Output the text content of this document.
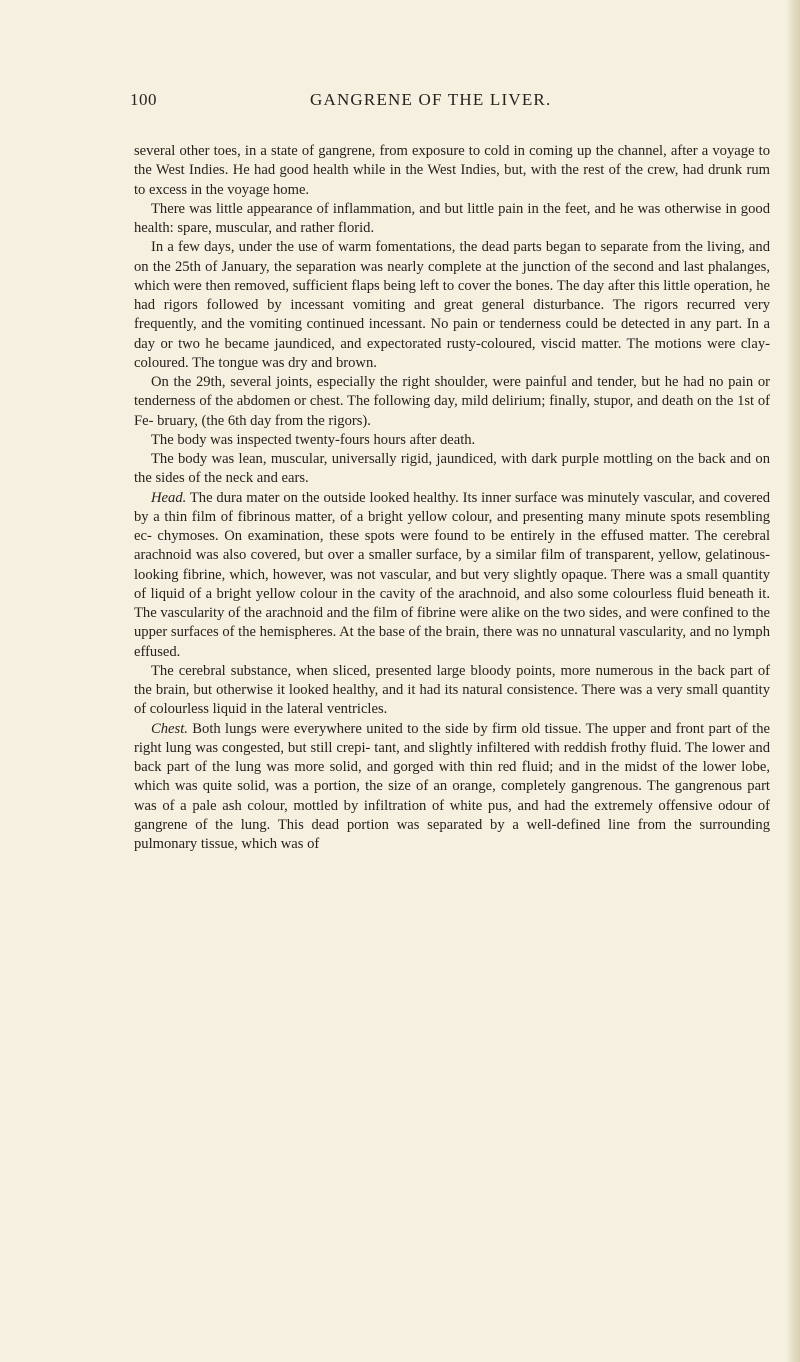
100	GANGRENE OF THE LIVER.

several other toes, in a state of gangrene, from exposure to cold in coming up the channel, after a voyage to the West Indies. He had good health while in the West Indies, but, with the rest of the crew, had drunk rum to excess in the voyage home.

There was little appearance of inflammation, and but little pain in the feet, and he was otherwise in good health: spare, muscular, and rather florid.

In a few days, under the use of warm fomentations, the dead parts began to separate from the living, and on the 25th of January, the separation was nearly complete at the junction of the second and last phalanges, which were then removed, sufficient flaps being left to cover the bones. The day after this little operation, he had rigors followed by incessant vomiting and great general disturbance. The rigors recurred very frequently, and the vomiting continued incessant. No pain or tenderness could be detected in any part. In a day or two he became jaundiced, and expectorated rusty-coloured, viscid matter. The motions were clay-coloured. The tongue was dry and brown.

On the 29th, several joints, especially the right shoulder, were painful and tender, but he had no pain or tenderness of the abdomen or chest. The following day, mild delirium; finally, stupor, and death on the 1st of Fe- bruary, (the 6th day from the rigors).

The body was inspected twenty-fours hours after death.

The body was lean, muscular, universally rigid, jaundiced, with dark purple mottling on the back and on the sides of the neck and ears.

Head. The dura mater on the outside looked healthy. Its inner surface was minutely vascular, and covered by a thin film of fibrinous matter, of a bright yellow colour, and presenting many minute spots resembling ec- chymoses. On examination, these spots were found to be entirely in the effused matter. The cerebral arachnoid was also covered, but over a smaller surface, by a similar film of transparent, yellow, gelatinous-looking fibrine, which, however, was not vascular, and but very slightly opaque. There was a small quantity of liquid of a bright yellow colour in the cavity of the arachnoid, and also some colourless fluid beneath it. The vascularity of the arachnoid and the film of fibrine were alike on the two sides, and were confined to the upper surfaces of the hemispheres. At the base of the brain, there was no unnatural vascularity, and no lymph effused.

The cerebral substance, when sliced, presented large bloody points, more numerous in the back part of the brain, but otherwise it looked healthy, and it had its natural consistence. There was a very small quantity of colourless liquid in the lateral ventricles.

Chest. Both lungs were everywhere united to the side by firm old tissue. The upper and front part of the right lung was congested, but still crepi- tant, and slightly infiltered with reddish frothy fluid. The lower and back part of the lung was more solid, and gorged with thin red fluid; and in the midst of the lower lobe, which was quite solid, was a portion, the size of an orange, completely gangrenous. The gangrenous part was of a pale ash colour, mottled by infiltration of white pus, and had the extremely offensive odour of gangrene of the lung. This dead portion was separated by a well-defined line from the surrounding pulmonary tissue, which was of
